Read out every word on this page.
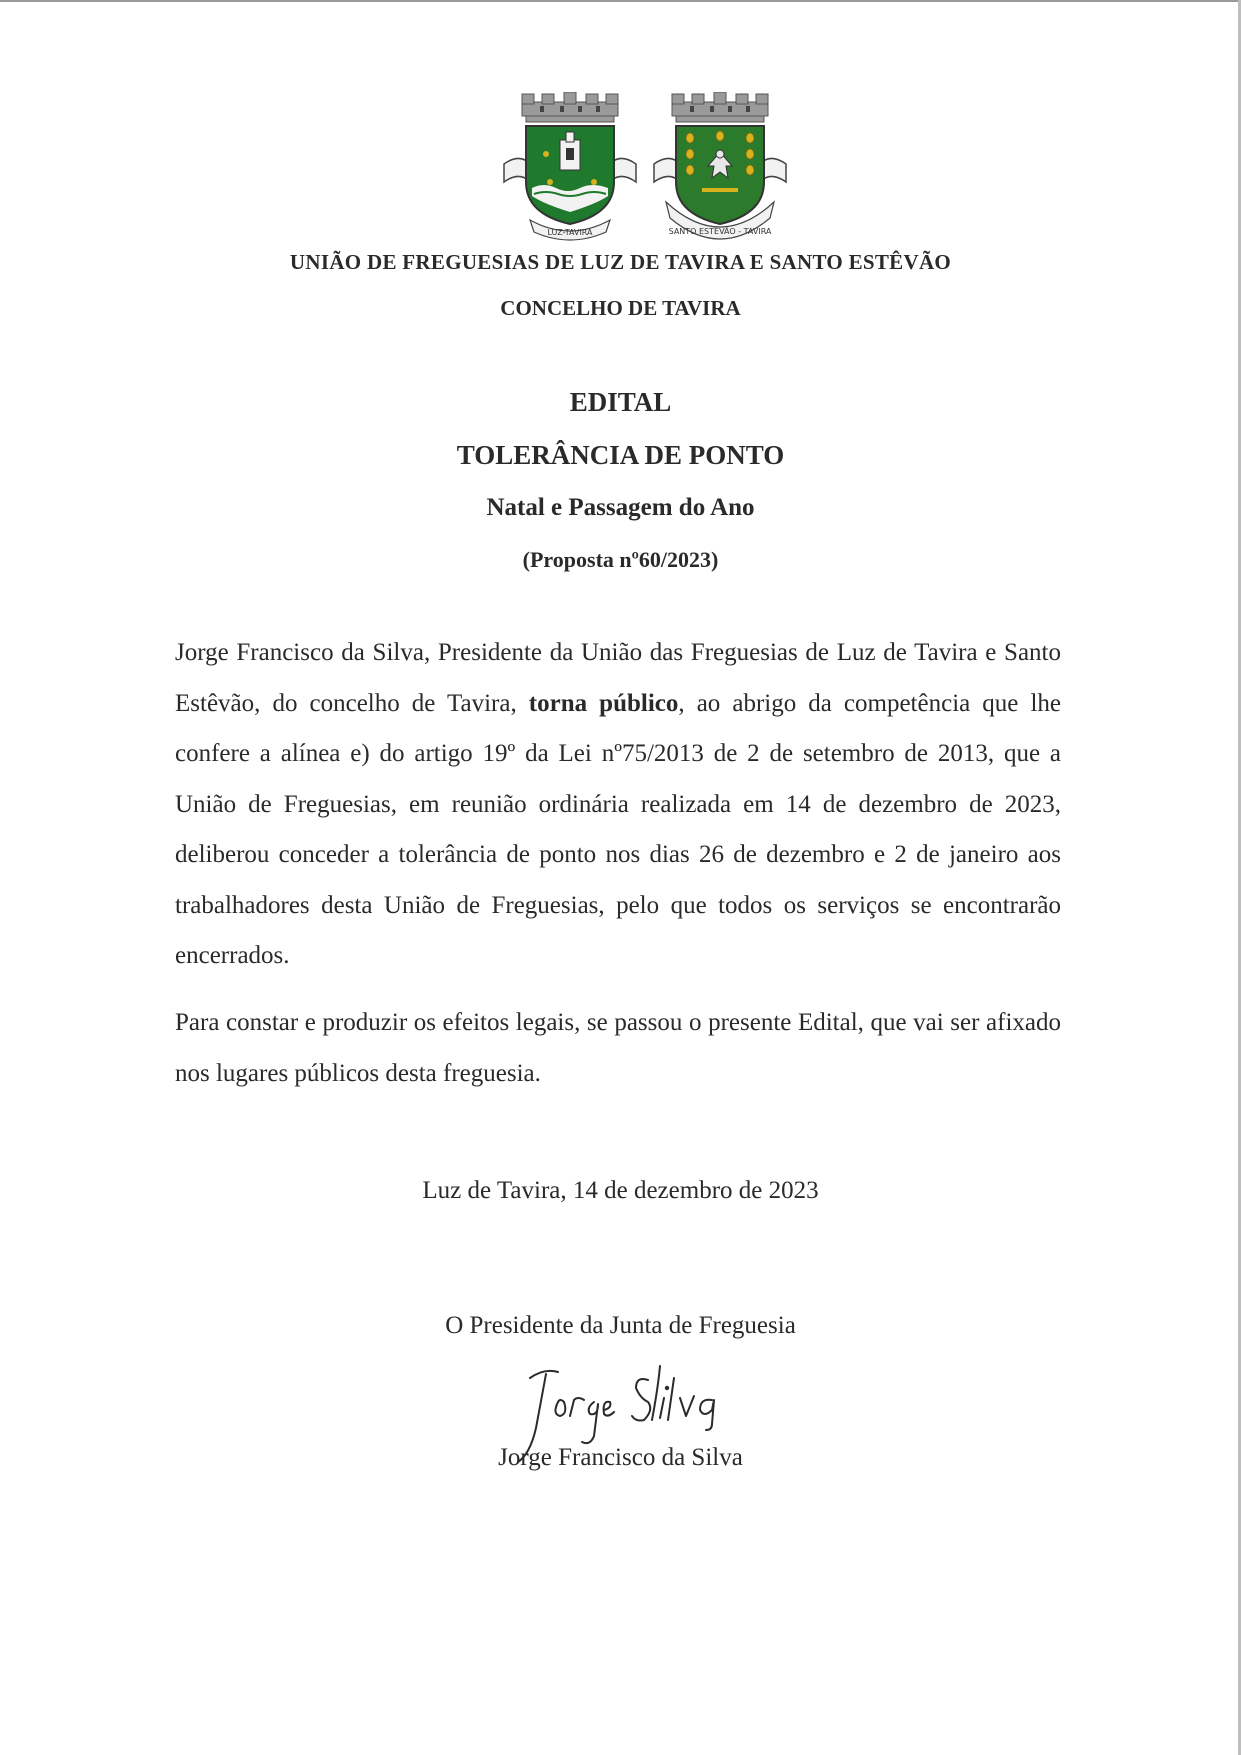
LUZ-TAVIRA	SANTO ESTÊVÃO - TAVIRA
UNIÃO DE FREGUESIAS DE LUZ DE TAVIRA E SANTO ESTÊVÃO
CONCELHO DE TAVIRA
EDITAL
TOLERÂNCIA DE PONTO
Natal e Passagem do Ano
(Proposta nº60/2023)
Jorge Francisco da Silva, Presidente da União das Freguesias de Luz de Tavira e Santo Estêvão, do concelho de Tavira, torna público, ao abrigo da competência que lhe confere a alínea e) do artigo 19º da Lei nº75/2013 de 2 de setembro de 2013, que a União de Freguesias, em reunião ordinária realizada em 14 de dezembro de 2023, deliberou conceder a tolerância de ponto nos dias 26 de dezembro e 2 de janeiro aos trabalhadores desta União de Freguesias, pelo que todos os serviços se encontrarão encerrados.
Para constar e produzir os efeitos legais, se passou o presente Edital, que vai ser afixado nos lugares públicos desta freguesia.
Luz de Tavira, 14 de dezembro de 2023
O Presidente da Junta de Freguesia
Jorge Silva
Jorge Francisco da Silva
